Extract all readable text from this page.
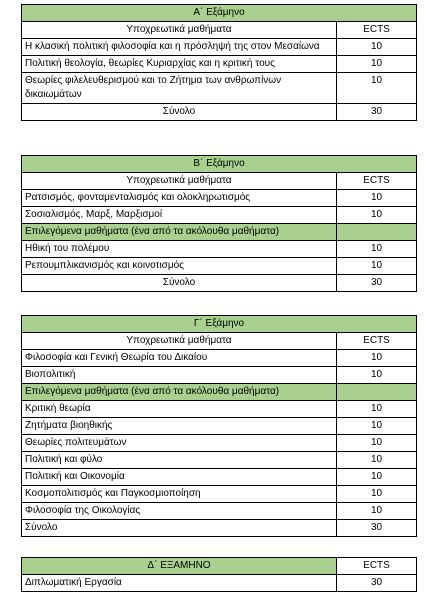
Α΄ Εξάμηνο	
Υποχρεωτικά μαθήματα	ECTS
Η κλασική πολιτική φιλοσοφία και η πρόσληψή της στον Μεσαίωνα	10
Πολιτική θεολογία, θεωρίες Κυριαρχίας και η κριτική τους	10
Θεωρίες φιλελευθερισμού και το Ζήτημα των ανθρωπίνων δικαιωμάτων	10
Σύνολο	30
Β΄ Εξάμηνο	
Υποχρεωτικά μαθήματα	ECTS
Ρατσισμός, φονταμενταλισμός και ολοκληρωτισμός	10
Σοσιαλισμός, Μαρξ, Μαρξισμοί	10
Επιλεγόμενα μαθήματα (ένα από τα ακόλουθα μαθήματα)	
Ηθική του πολέμου	10
Ρεπουμπλικανισμός και κοινοτισμός	10
Σύνολο	30
Γ΄ Εξάμηνο	
Υποχρεωτικά μαθήματα	ECTS
Φιλοσοφία και Γενική Θεωρία του Δικαίου	10
Βιοπολιτική	10
Επιλεγόμενα μαθήματα (ένα από τα ακόλουθα μαθήματα)	
Κριτική θεωρία	10
Ζητήματα βιοηθικής	10
Θεωρίες πολιτευμάτων	10
Πολιτική και φύλο	10
Πολιτική και Οικονομία	10
Κοσμοπολιτισμός και Παγκοσμιοποίηση	10
Φιλοσοφία της Οικολογίας	10
Σύνολο	30
Δ΄ ΕΞΑΜΗΝΟ	ECTS
Διπλωματική Εργασία	30
